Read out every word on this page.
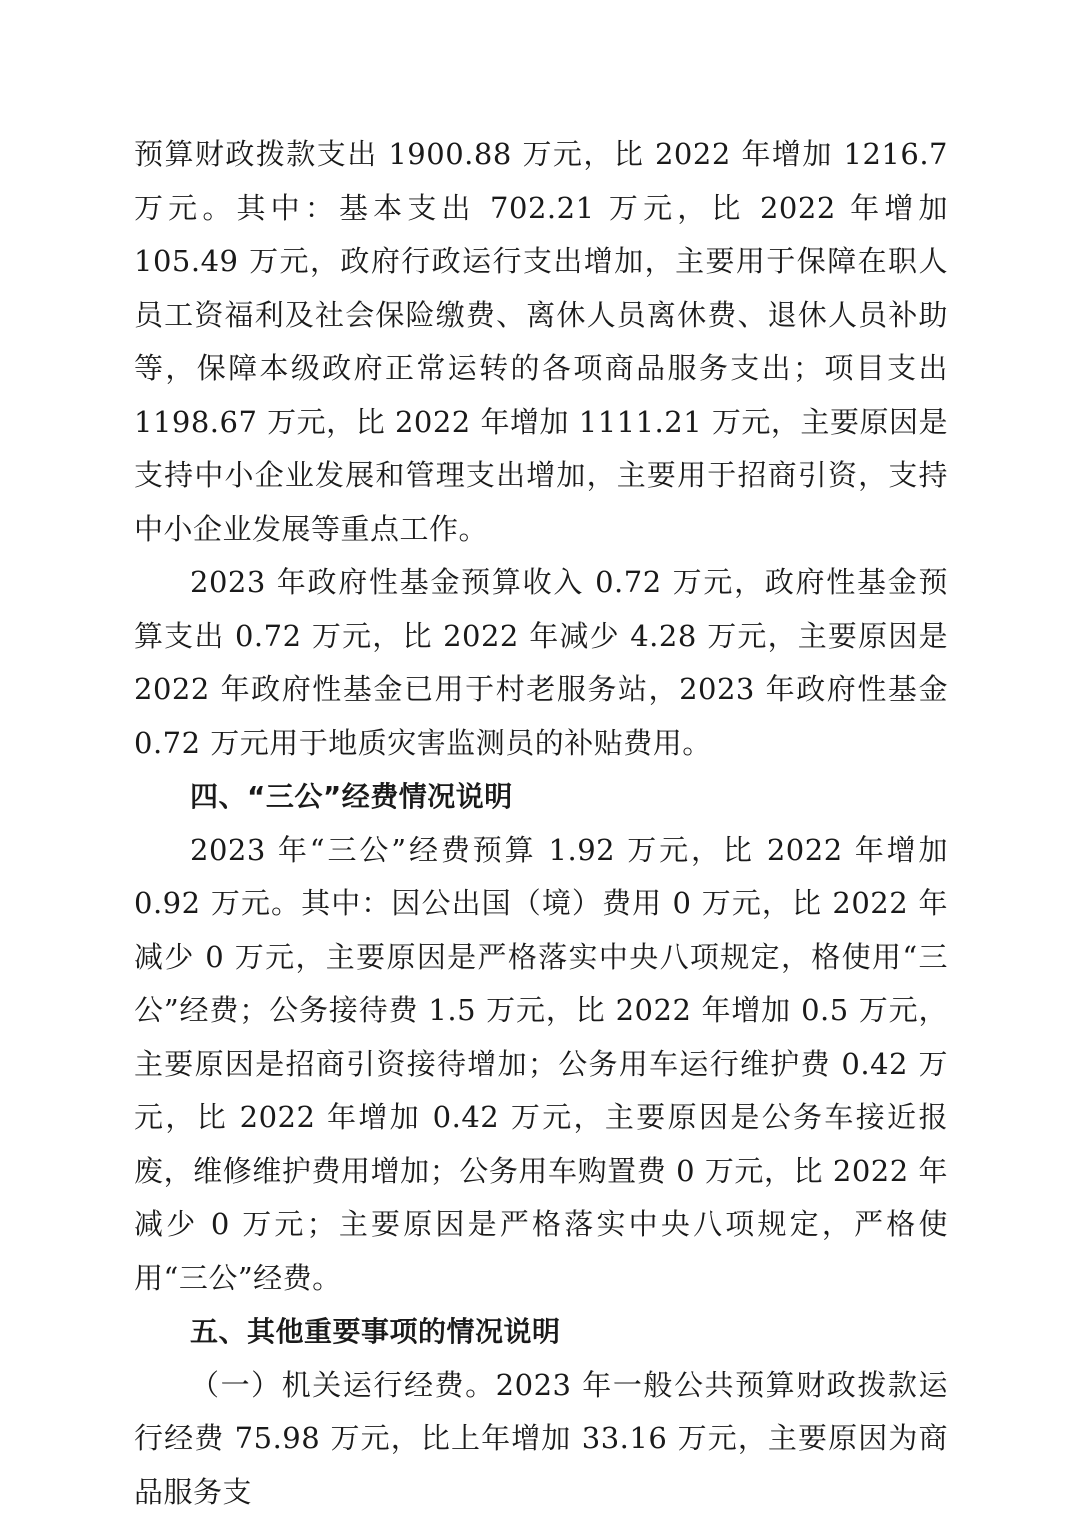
预算财政拨款支出 1900.88 万元，比 2022 年增加 1216.7 万元。其中：基本支出 702.21 万元，比 2022 年增加 105.49 万元，政府行政运行支出增加，主要用于保障在职人员工资福利及社会保险缴费、离休人员离休费、退休人员补助等，保障本级政府正常运转的各项商品服务支出；项目支出 1198.67 万元，比 2022 年增加 1111.21 万元，主要原因是 支持中小企业发展和管理支出增加，主要用于招商引资，支持中小企业发展等重点工作。

2023 年政府性基金预算收入 0.72 万元，政府性基金预算支出 0.72 万元，比 2022 年减少 4.28 万元，主要原因是 2022 年政府性基金已用于村老服务站，2023 年政府性基金 0.72 万元用于地质灾害监测员的补贴费用。

四、“三公”经费情况说明

2023 年“三公”经费预算 1.92 万元，比 2022 年增加 0.92 万元。其中：因公出国（境）费用 0 万元，比 2022 年减少 0 万元，主要原因是严格落实中央八项规定，格使用“三公”经费；公务接待费 1.5 万元，比 2022 年增加 0.5 万元，主要原因是招商引资接待增加；公务用车运行维护费 0.42 万元，比 2022 年增加 0.42 万元，主要原因是公务车接近报废，维修维护费用增加；公务用车购置费 0 万元，比 2022 年减少 0 万元；主要原因是严格落实中央八项规定，严格使用“三公”经费。

五、其他重要事项的情况说明

（一）机关运行经费。2023 年一般公共预算财政拨款运行经费 75.98 万元，比上年增加 33.16 万元，主要原因为商品服务支
